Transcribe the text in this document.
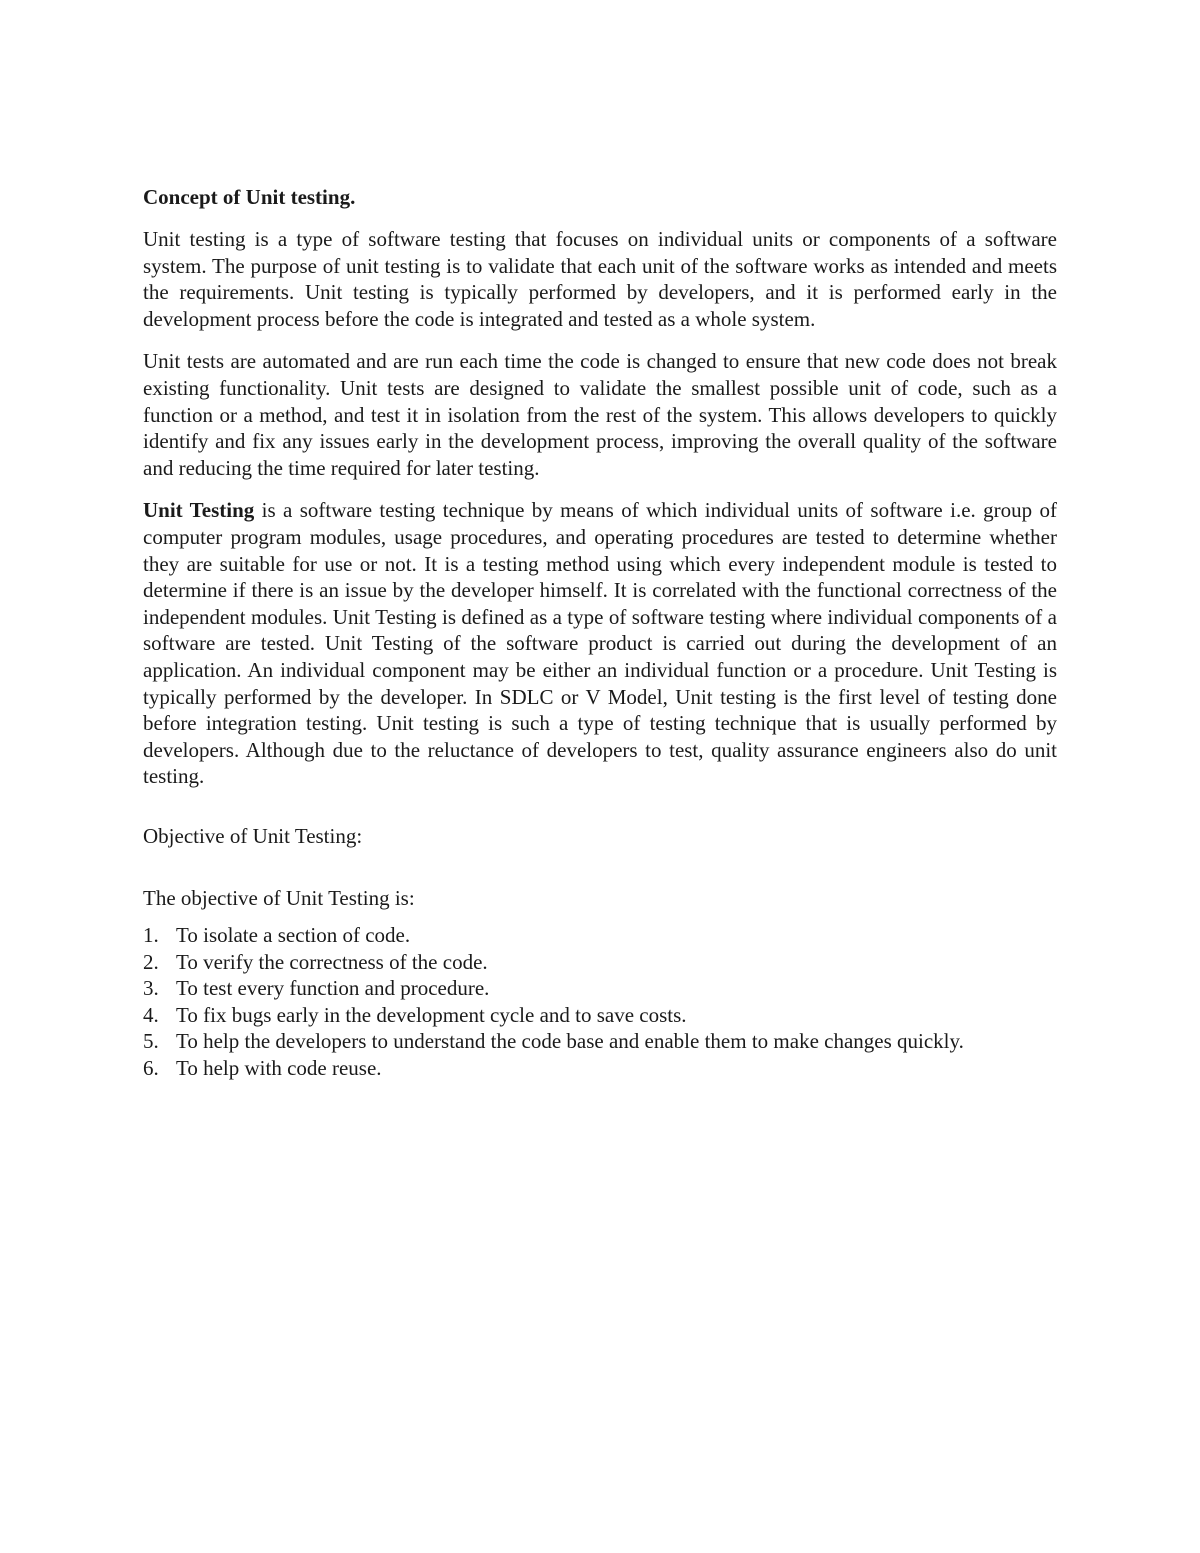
Concept of Unit testing.

Unit testing is a type of software testing that focuses on individual units or components of a software system. The purpose of unit testing is to validate that each unit of the software works as intended and meets the requirements. Unit testing is typically performed by developers, and it is performed early in the development process before the code is integrated and tested as a whole system.

Unit tests are automated and are run each time the code is changed to ensure that new code does not break existing functionality. Unit tests are designed to validate the smallest possible unit of code, such as a function or a method, and test it in isolation from the rest of the system. This allows developers to quickly identify and fix any issues early in the development process, improving the overall quality of the software and reducing the time required for later testing.

Unit Testing is a software testing technique by means of which individual units of software i.e. group of computer program modules, usage procedures, and operating procedures are tested to determine whether they are suitable for use or not. It is a testing method using which every independent module is tested to determine if there is an issue by the developer himself. It is correlated with the functional correctness of the independent modules. Unit Testing is defined as a type of software testing where individual components of a software are tested. Unit Testing of the software product is carried out during the development of an application. An individual component may be either an individual function or a procedure. Unit Testing is typically performed by the developer. In SDLC or V Model, Unit testing is the first level of testing done before integration testing. Unit testing is such a type of testing technique that is usually performed by developers. Although due to the reluctance of developers to test, quality assurance engineers also do unit testing.

Objective of Unit Testing:
The objective of Unit Testing is:
1. To isolate a section of code.
2. To verify the correctness of the code.
3. To test every function and procedure.
4. To fix bugs early in the development cycle and to save costs.
5. To help the developers to understand the code base and enable them to make changes quickly.
6. To help with code reuse.
